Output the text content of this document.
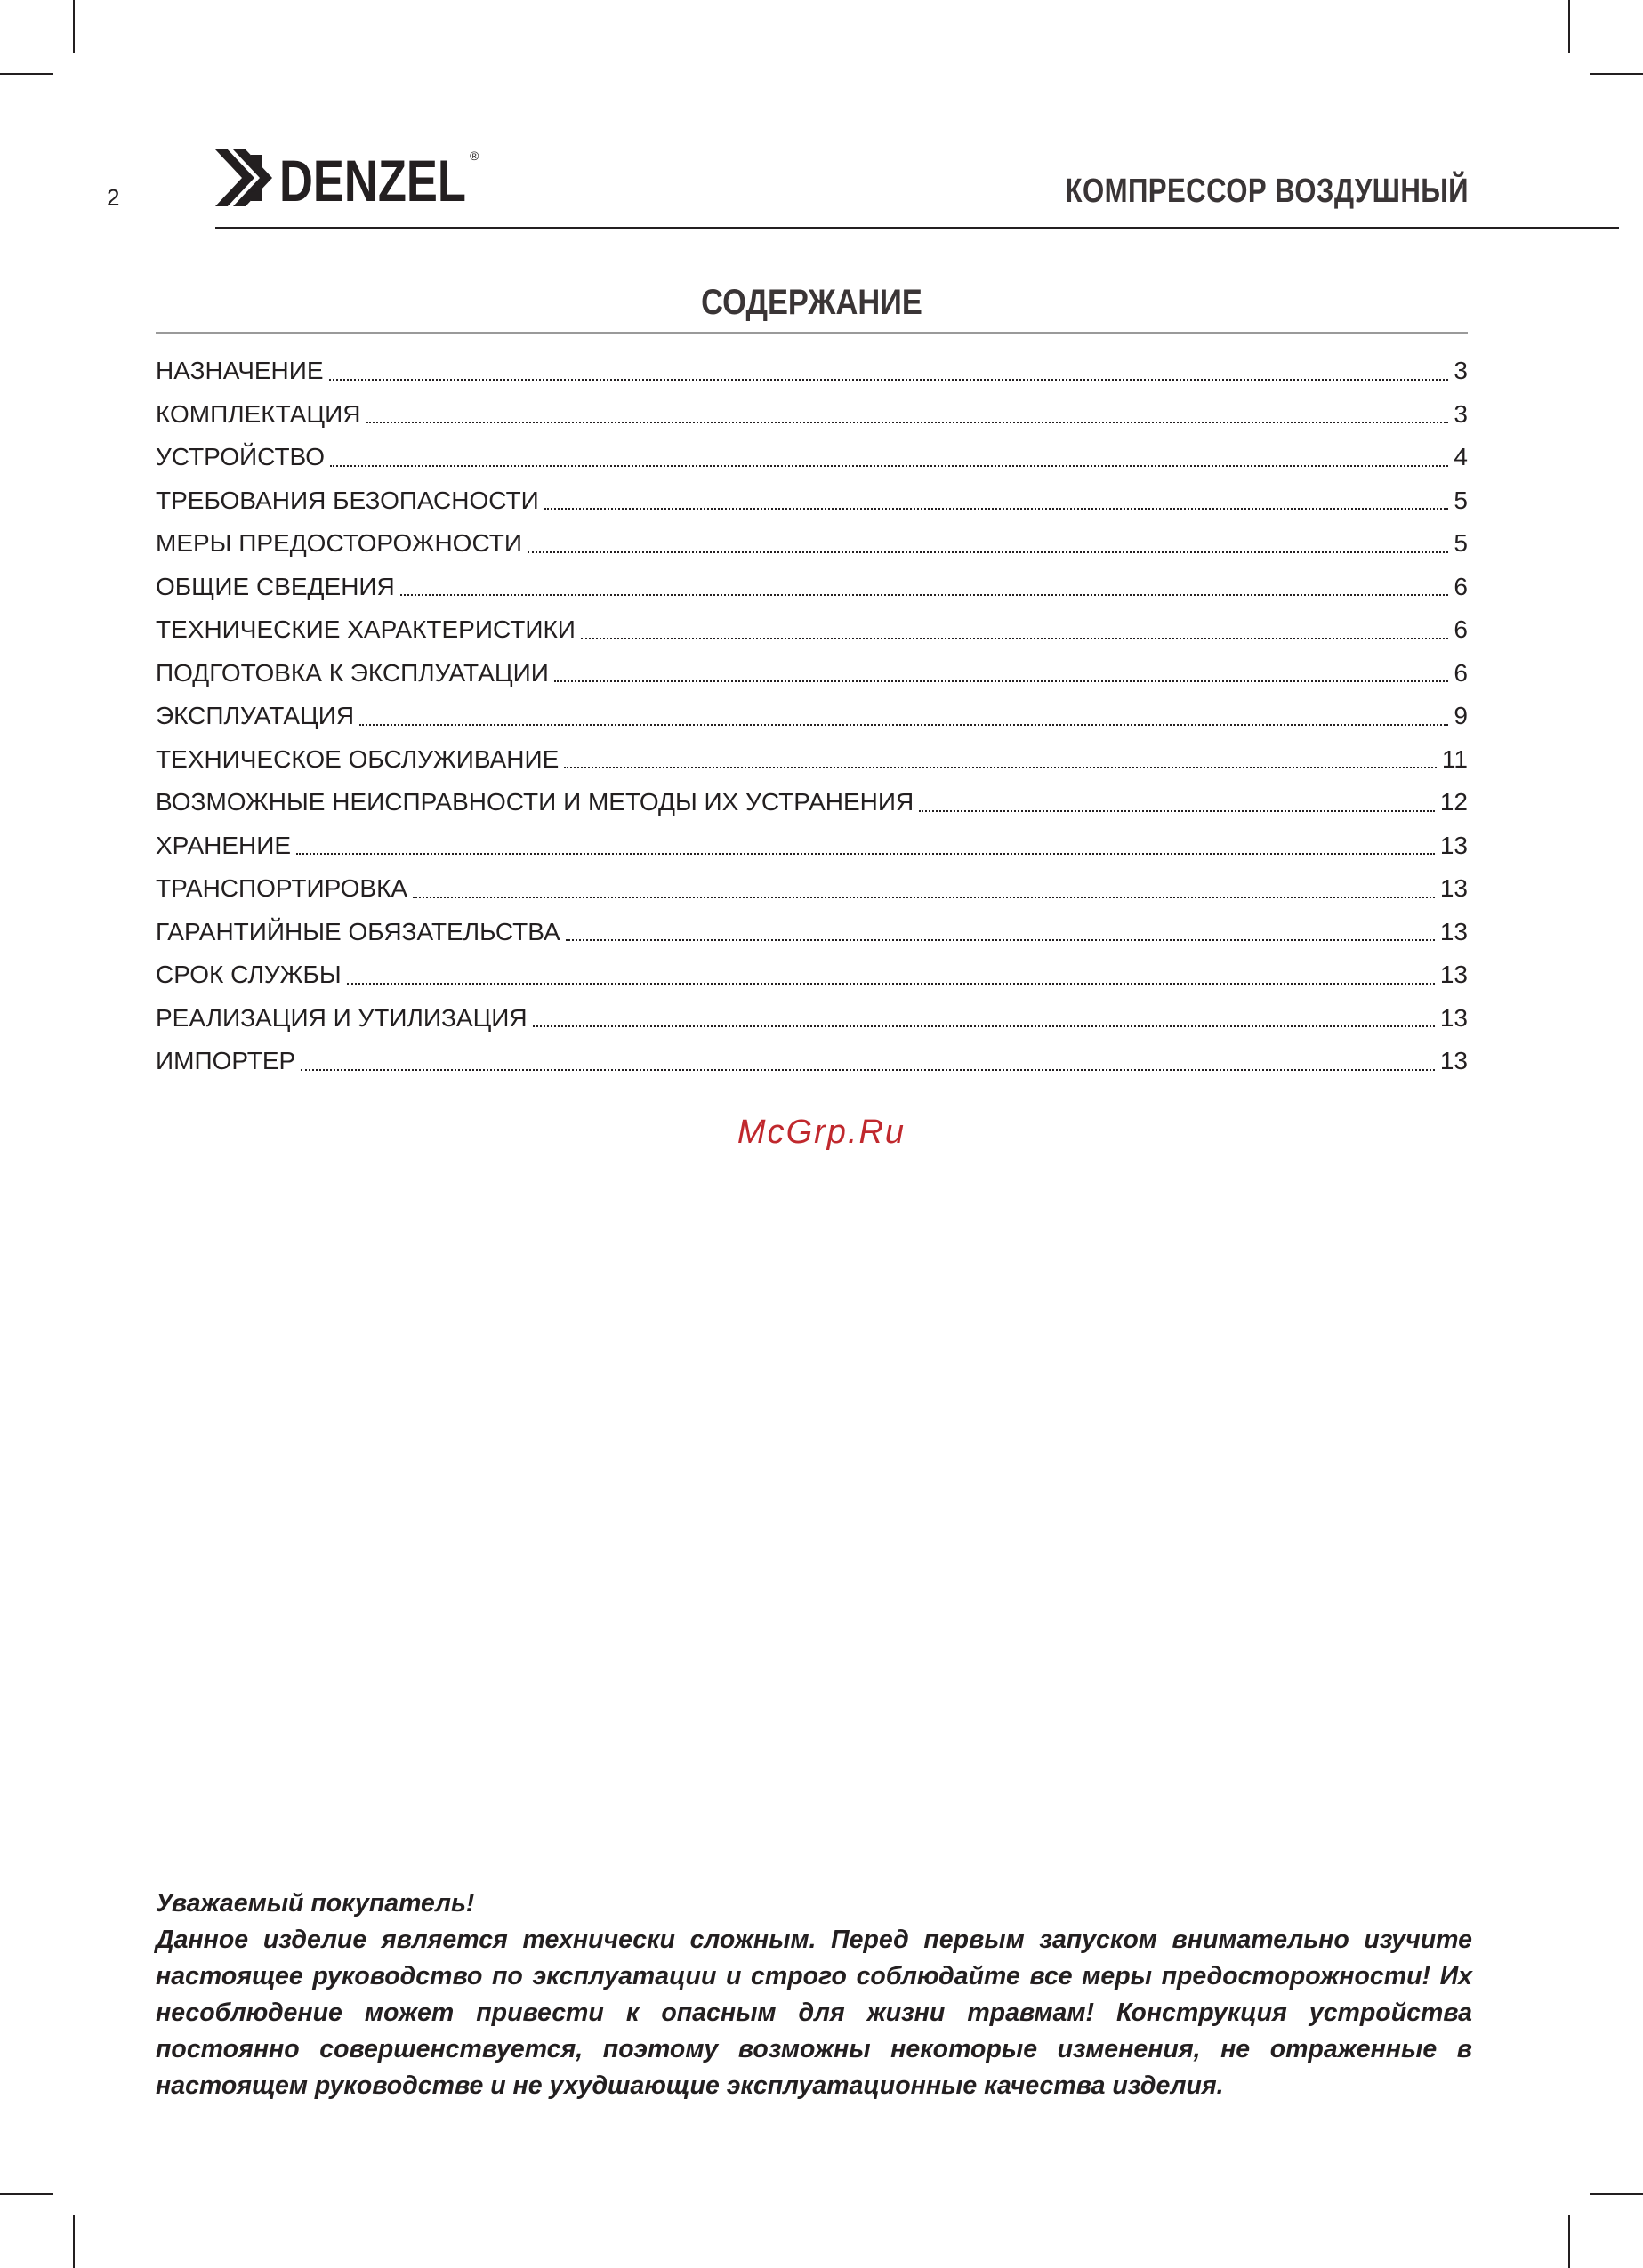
2	DENZEL ®
КОМПРЕССОР ВОЗДУШНЫЙ
СОДЕРЖАНИЕ
НАЗНАЧЕНИЕ	3
КОМПЛЕКТАЦИЯ	3
УСТРОЙСТВО	4
ТРЕБОВАНИЯ БЕЗОПАСНОСТИ	5
МЕРЫ ПРЕДОСТОРОЖНОСТИ	5
ОБЩИЕ СВЕДЕНИЯ	6
ТЕХНИЧЕСКИЕ ХАРАКТЕРИСТИКИ	6
ПОДГОТОВКА К ЭКСПЛУАТАЦИИ	6
ЭКСПЛУАТАЦИЯ	9
ТЕХНИЧЕСКОЕ ОБСЛУЖИВАНИЕ	11
ВОЗМОЖНЫЕ НЕИСПРАВНОСТИ И МЕТОДЫ ИХ УСТРАНЕНИЯ	12
ХРАНЕНИЕ	13
ТРАНСПОРТИРОВКА	13
ГАРАНТИЙНЫЕ ОБЯЗАТЕЛЬСТВА	13
СРОК СЛУЖБЫ	13
РЕАЛИЗАЦИЯ И УТИЛИЗАЦИЯ	13
ИМПОРТЕР	13
McGrp.Ru

Уважаемый покупатель!

Данное изделие является технически сложным. Перед первым запуском внимательно изучите настоящее руководство по эксплуатации и строго соблюдайте все меры предосторожности! Их несоблюдение может привести к опасным для жизни травмам! Конструкция устройства постоянно совершенствуется, поэтому возможны некоторые изменения, не отраженные в настоящем руководстве и не ухудшающие эксплуатационные качества изделия.
